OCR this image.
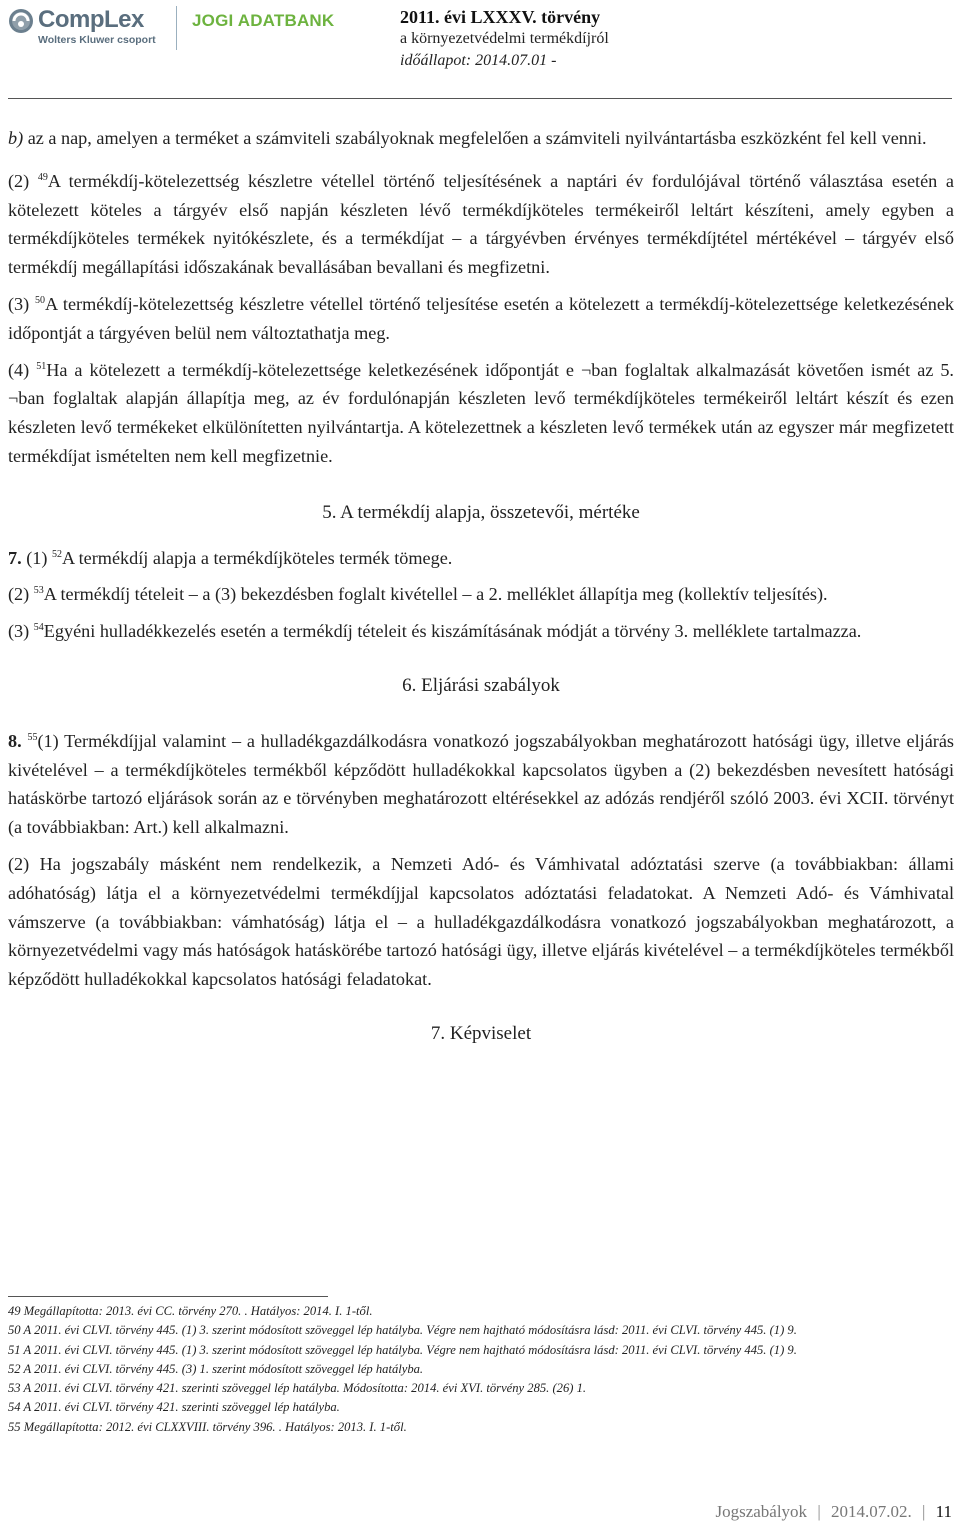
CompLex
Wolters Kluwer csoport
JOGI ADATBANK	2011. évi LXXXV. törvény
a környezetvédelmi termékdíjról
időállapot: 2014.07.01 -

b) az a nap, amelyen a terméket a számviteli szabályoknak megfelelően a számviteli nyilvántartásba eszközként fel kell venni.

(2) $^{49}$A termékdíj-kötelezettség készletre vétellel történő teljesítésének a naptári év fordulójával történő választása esetén a kötelezett köteles a tárgyév első napján készleten lévő termékdíjköteles termékeiről leltárt készíteni, amely egyben a termékdíjköteles termékek nyitókészlete, és a termékdíjat – a tárgyévben érvényes termékdíjtétel mértékével – tárgyév első termékdíj megállapítási időszakának bevallásában bevallani és megfizetni.

(3) $^{50}$A termékdíj-kötelezettség készletre vétellel történő teljesítése esetén a kötelezett a termékdíj-kötelezettsége keletkezésének időpontját a tárgyéven belül nem változtathatja meg.

(4) $^{51}$Ha a kötelezett a termékdíj-kötelezettsége keletkezésének időpontját e ¬ban foglaltak alkalmazását követően ismét az 5. ¬ban foglaltak alapján állapítja meg, az év fordulónapján készleten levő termékdíjköteles termékeiről leltárt készít és ezen készleten levő termékeket elkülönítetten nyilvántartja. A kötelezettnek a készleten levő termékek után az egyszer már megfizetett termékdíjat ismételten nem kell megfizetnie.

5. A termékdíj alapja, összetevői, mértéke

7. (1) $^{52}$A termékdíj alapja a termékdíjköteles termék tömege.

(2) $^{53}$A termékdíj tételeit – a (3) bekezdésben foglalt kivétellel – a 2. melléklet állapítja meg (kollektív teljesítés).

(3) $^{54}$Egyéni hulladékkezelés esetén a termékdíj tételeit és kiszámításának módját a törvény 3. melléklete tartalmazza.

6. Eljárási szabályok

8. $^{55}$(1) Termékdíjjal valamint – a hulladékgazdálkodásra vonatkozó jogszabályokban meghatározott hatósági ügy, illetve eljárás kivételével – a termékdíjköteles termékből képződött hulladékokkal kapcsolatos ügyben a (2) bekezdésben nevesített hatósági hatáskörbe tartozó eljárások során az e törvényben meghatározott eltérésekkel az adózás rendjéről szóló 2003. évi XCII. törvényt (a továbbiakban: Art.) kell alkalmazni.

(2) Ha jogszabály másként nem rendelkezik, a Nemzeti Adó- és Vámhivatal adóztatási szerve (a továbbiakban: állami adóhatóság) látja el a környezetvédelmi termékdíjjal kapcsolatos adóztatási feladatokat. A Nemzeti Adó- és Vámhivatal vámszerve (a továbbiakban: vámhatóság) látja el – a hulladékgazdálkodásra vonatkozó jogszabályokban meghatározott, a környezetvédelmi vagy más hatóságok hatáskörébe tartozó hatósági ügy, illetve eljárás kivételével – a termékdíjköteles termékből képződött hulladékokkal kapcsolatos hatósági feladatokat.

7. Képviselet

49 Megállapította: 2013. évi CC. törvény 270. . Hatályos: 2014. I. 1-től.
50 A 2011. évi CLVI. törvény 445. (1) 3. szerint módosított szöveggel lép hatályba. Végre nem hajtható módosításra lásd: 2011. évi CLVI. törvény 445. (1) 9.
51 A 2011. évi CLVI. törvény 445. (1) 3. szerint módosított szöveggel lép hatályba. Végre nem hajtható módosításra lásd: 2011. évi CLVI. törvény 445. (1) 9.
52 A 2011. évi CLVI. törvény 445. (3) 1. szerint módosított szöveggel lép hatályba.
53 A 2011. évi CLVI. törvény 421. szerinti szöveggel lép hatályba. Módosította: 2014. évi XVI. törvény 285. (26) 1.
54 A 2011. évi CLVI. törvény 421. szerinti szöveggel lép hatályba.
55 Megállapította: 2012. évi CLXXVIII. törvény 396. . Hatályos: 2013. I. 1-től.
Jogszabályok | 2014.07.02. | 11
